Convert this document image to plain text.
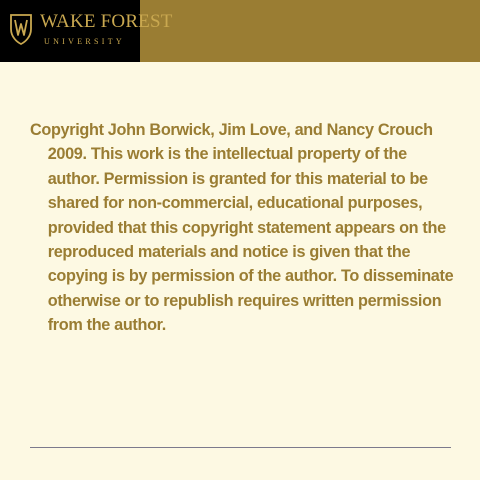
WAKE FOREST
UNIVERSITY

Copyright John Borwick, Jim Love, and Nancy Crouch 2009. This work is the intellectual property of the author. Permission is granted for this material to be shared for non-commercial, educational purposes, provided that this copyright statement appears on the reproduced materials and notice is given that the copying is by permission of the author. To disseminate otherwise or to republish requires written permission from the author.
